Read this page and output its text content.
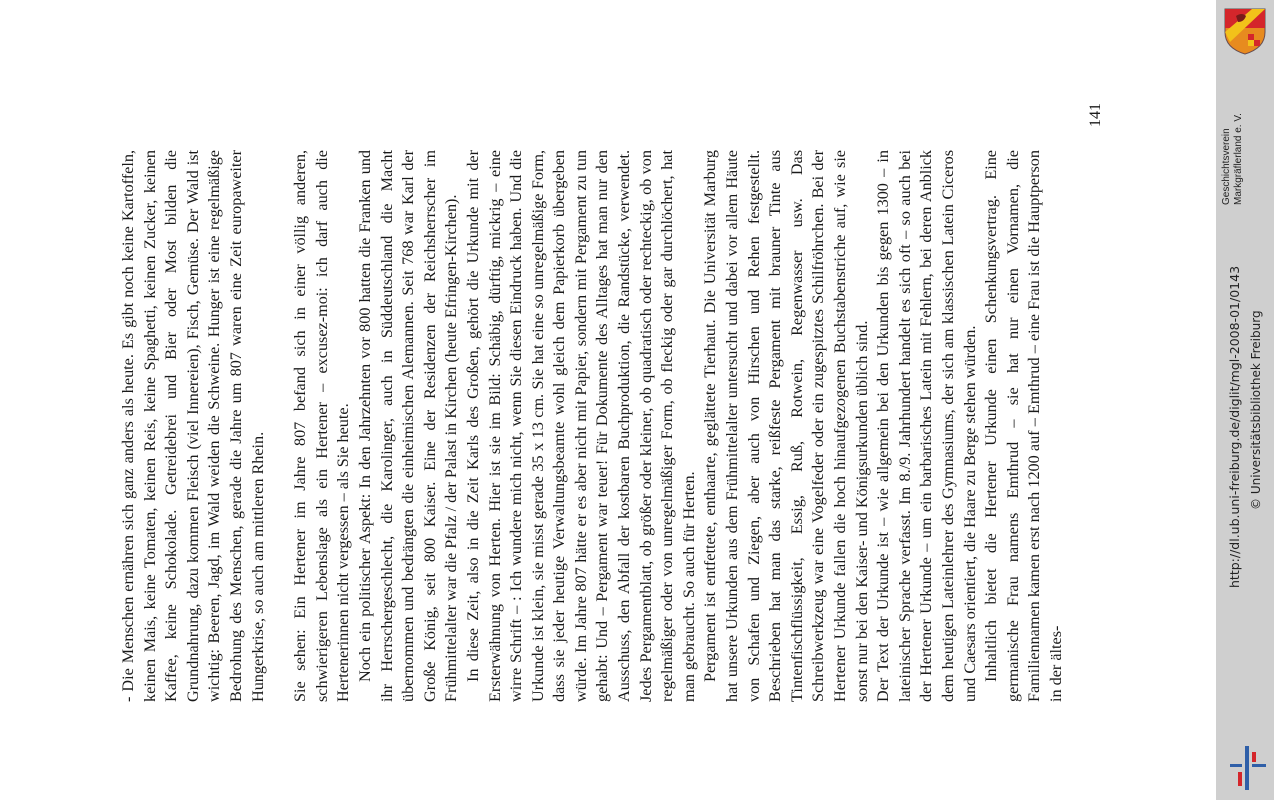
- Die Menschen ernähren sich ganz anders als heute. Es gibt noch keine Kartoffeln, keinen Mais, keine Tomaten, keinen Reis, keine Spaghetti, keinen Zucker, keinen Kaffee, keine Schokolade. Getreidebrei und Bier oder Most bilden die Grundnahrung, dazu kommen Fleisch (viel Innereien), Fisch, Gemüse. Der Wald ist wichtig: Beeren, Jagd, im Wald weiden die Schweine. Hunger ist eine regelmäßige Bedrohung des Menschen, gerade die Jahre um 807 waren eine Zeit europaweiter Hungerkrise, so auch am mittleren Rhein. Sie sehen: Ein Hertener im Jahre 807 befand sich in einer völlig anderen, schwierigeren Lebenslage als ein Hertener – excusez-moi: ich darf auch die Hertenerinnen nicht vergessen – als Sie heute. Noch ein politischer Aspekt: In den Jahrzehnten vor 800 hatten die Franken und ihr Herrschergeschlecht, die Karolinger, auch in Süddeutschland die Macht übernommen und bedrängten die einheimischen Alemannen. Seit 768 war Karl der Große König, seit 800 Kaiser. Eine der Residenzen der Reichsherrscher im Frühmittelalter war die Pfalz / der Palast in Kirchen (heute Efringen-Kirchen). In diese Zeit, also in die Zeit Karls des Großen, gehört die Urkunde mit der Ersterwähnung von Herten. Hier ist sie im Bild: Schäbig, dürftig, mickrig – eine wirre Schrift – : Ich wundere mich nicht, wenn Sie diesen Eindruck haben. Und die Urkunde ist klein, sie misst gerade 35 x 13 cm. Sie hat eine so unregelmäßige Form, dass sie jeder heutige Verwaltungsbeamte wohl gleich dem Papierkorb übergeben würde. Im Jahre 807 hätte er es aber nicht mit Papier, sondern mit Pergament zu tun gehabt: Und – Pergament war teuer! Für Dokumente des Alltages hat man nur den Ausschuss, den Abfall der kostbaren Buchproduktion, die Randstücke, verwendet. Jedes Pergamentblatt, ob größer oder kleiner, ob quadratisch oder rechteckig, ob von regelmäßiger oder von unregelmäßiger Form, ob fleckig oder gar durchlöchert, hat man gebraucht. So auch für Herten. Pergament ist entfettete, enthaarte, geglättete Tierhaut. Die Universität Marburg hat unsere Urkunden aus dem Frühmittelalter untersucht und dabei vor allem Häute von Schafen und Ziegen, aber auch von Hirschen und Rehen festgestellt. Beschrieben hat man das starke, reißfeste Pergament mit brauner Tinte aus Tintenfischflüssigkeit, Essig, Ruß, Rotwein, Regenwasser usw. Das Schreibwerkzeug war eine Vogelfeder oder ein zugespitztes Schilfröhrchen. Bei der Hertener Urkunde fallen die hoch hinaufgezogenen Buchstabenstriche auf, wie sie sonst nur bei den Kaiser- und Königsurkunden üblich sind. Der Text der Urkunde ist – wie allgemein bei den Urkunden bis gegen 1300 – in lateinischer Sprache verfasst. Im 8./9. Jahrhundert handelt es sich oft – so auch bei der Hertener Urkunde – um ein barbarisches Latein mit Fehlern, bei deren Anblick dem heutigen Lateinlehrer des Gymnasiums, der sich am klassischen Latein Ciceros und Caesars orientiert, die Haare zu Berge stehen würden. Inhaltlich bietet die Hertener Urkunde einen Schenkungsvertrag. Eine germanische Frau namens Emthrud – sie hat nur einen Vornamen, die Familiennamen kamen erst nach 1200 auf – Emthrud – eine Frau ist die Hauptperson in der ältes-

141
Geschichtsverein Markgräflerland e. V.
http://dl.ub.uni-freiburg.de/diglit/mgl-2008-01/0143 © Universitätsbibliothek Freiburg
